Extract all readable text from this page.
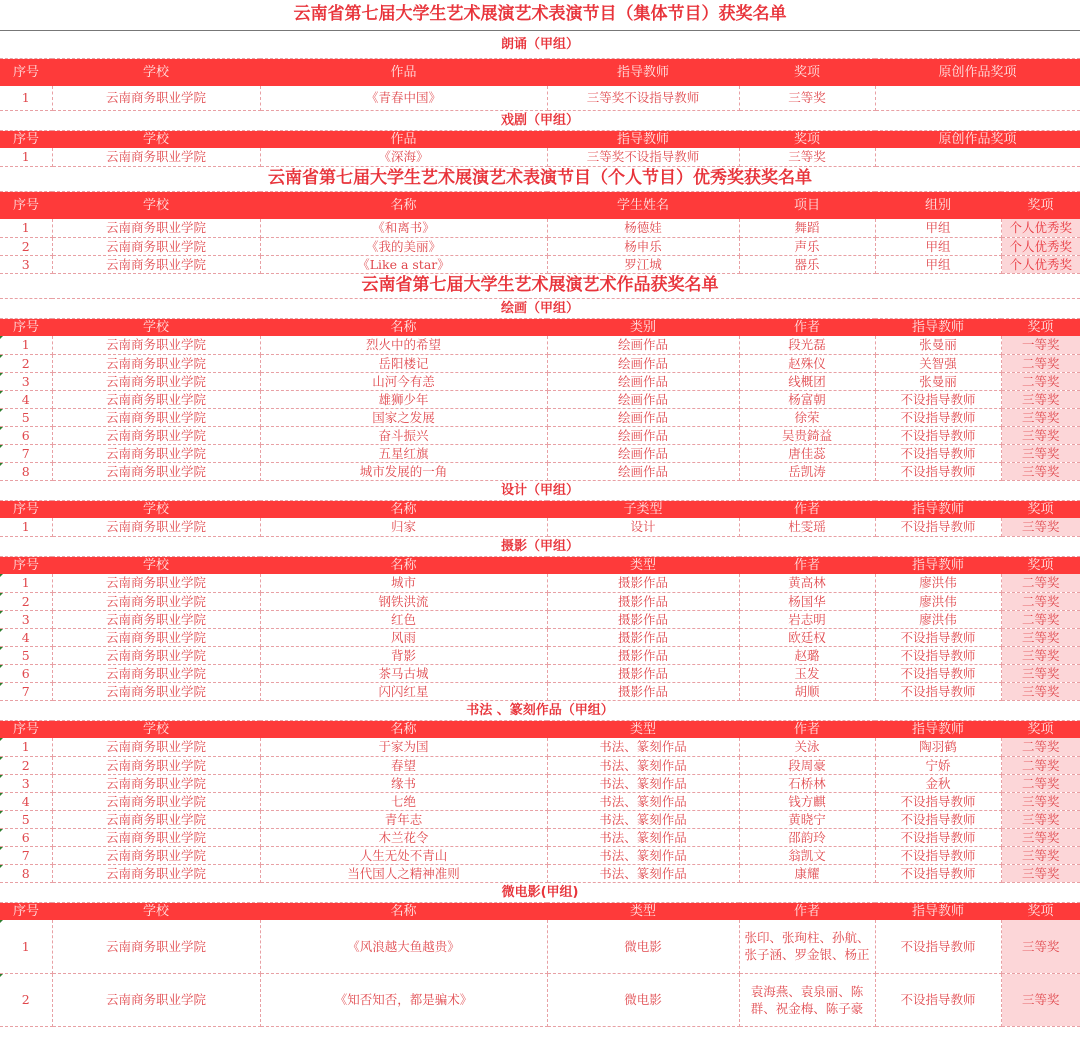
云南省第七届大学生艺术展演艺术表演节目（集体节目）获奖名单						
朗诵（甲组）						
序号	学校	作品	指导教师	奖项	原创作品奖项	
1	云南商务职业学院	《青春中国》	三等奖不设指导教师	三等奖		
戏剧（甲组）						
序号	学校	作品	指导教师	奖项	原创作品奖项	
1	云南商务职业学院	《深海》	三等奖不设指导教师	三等奖		
云南省第七届大学生艺术展演艺术表演节目（个人节目）优秀奖获奖名单						
序号	学校	名称	学生姓名	项目	组别	奖项
1	云南商务职业学院	《和离书》	杨德娃	舞蹈	甲组	个人优秀奖
2	云南商务职业学院	《我的美丽》	杨申乐	声乐	甲组	个人优秀奖
3	云南商务职业学院	《Like a star》	罗江城	器乐	甲组	个人优秀奖
云南省第七届大学生艺术展演艺术作品获奖名单						
绘画（甲组）						
序号	学校	名称	类别	作者	指导教师	奖项
1	云南商务职业学院	烈火中的希望	绘画作品	段光磊	张曼丽	一等奖
2	云南商务职业学院	岳阳楼记	绘画作品	赵殊仪	关智强	二等奖
3	云南商务职业学院	山河今有恙	绘画作品	线概团	张曼丽	二等奖
4	云南商务职业学院	雄狮少年	绘画作品	杨富朝	不设指导教师	三等奖
5	云南商务职业学院	国家之发展	绘画作品	徐荣	不设指导教师	三等奖
6	云南商务职业学院	奋斗振兴	绘画作品	吴贵錡益	不设指导教师	三等奖
7	云南商务职业学院	五星红旗	绘画作品	唐佳蕊	不设指导教师	三等奖
8	云南商务职业学院	城市发展的一角	绘画作品	岳凯涛	不设指导教师	三等奖
设计（甲组）						
序号	学校	名称	子类型	作者	指导教师	奖项
1	云南商务职业学院	归家	设计	杜雯瑶	不设指导教师	三等奖
摄影（甲组）						
序号	学校	名称	类型	作者	指导教师	奖项
1	云南商务职业学院	城市	摄影作品	黄高林	廖洪伟	二等奖
2	云南商务职业学院	钢铁洪流	摄影作品	杨国华	廖洪伟	二等奖
3	云南商务职业学院	红色	摄影作品	岩志明	廖洪伟	二等奖
4	云南商务职业学院	风雨	摄影作品	欧廷权	不设指导教师	三等奖
5	云南商务职业学院	背影	摄影作品	赵璐	不设指导教师	三等奖
6	云南商务职业学院	茶马古城	摄影作品	玉发	不设指导教师	三等奖
7	云南商务职业学院	闪闪红星	摄影作品	胡顺	不设指导教师	三等奖
书法 、篆刻作品（甲组）						
序号	学校	名称	类型	作者	指导教师	奖项
1	云南商务职业学院	于家为国	书法、篆刻作品	关泳	陶羽鹤	二等奖
2	云南商务职业学院	春望	书法、篆刻作品	段周豪	宁娇	二等奖
3	云南商务职业学院	缘书	书法、篆刻作品	石桥林	金秋	二等奖
4	云南商务职业学院	七绝	书法、篆刻作品	钱方麒	不设指导教师	三等奖
5	云南商务职业学院	青年志	书法、篆刻作品	黄晓宁	不设指导教师	三等奖
6	云南商务职业学院	木兰花令	书法、篆刻作品	邵韵玲	不设指导教师	三等奖
7	云南商务职业学院	人生无处不青山	书法、篆刻作品	翁凯文	不设指导教师	三等奖
8	云南商务职业学院	当代国人之精神准则	书法、篆刻作品	康耀	不设指导教师	三等奖
微电影(甲组)						
序号	学校	名称	类型	作者	指导教师	奖项
1	云南商务职业学院	《风浪越大鱼越贵》	微电影	张印、张珣柱、孙航、张子涵、罗金银、杨正	不设指导教师	三等奖
2	云南商务职业学院	《知否知否，都是骗术》	微电影	袁海燕、袁泉丽、陈群、祝金梅、陈子豪	不设指导教师	三等奖
